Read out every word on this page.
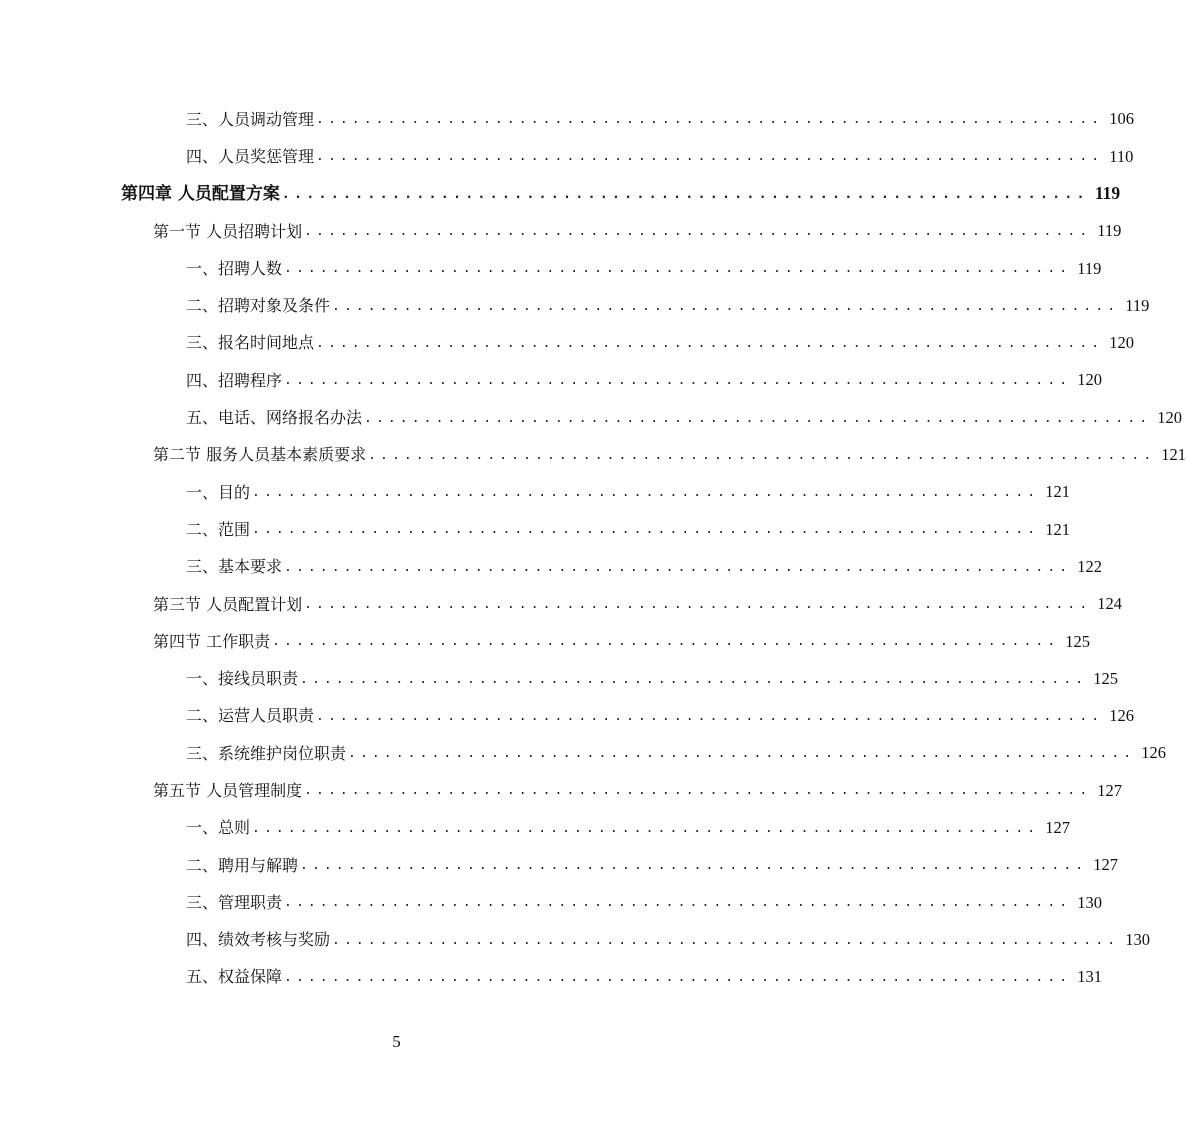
三、人员调动管理 .................................................................. 106
四、人员奖惩管理 .................................................................. 110
第四章 人员配置方案 .................................................................. 119
第一节 人员招聘计划 .................................................................. 119
一、招聘人数 .................................................................. 119
二、招聘对象及条件 .................................................................. 119
三、报名时间地点 .................................................................. 120
四、招聘程序 .................................................................. 120
五、电话、网络报名办法 .................................................................. 120
第二节 服务人员基本素质要求 .................................................................. 121
一、目的 .................................................................. 121
二、范围 .................................................................. 121
三、基本要求 .................................................................. 122
第三节 人员配置计划 .................................................................. 124
第四节 工作职责 .................................................................. 125
一、接线员职责 .................................................................. 125
二、运营人员职责 .................................................................. 126
三、系统维护岗位职责 .................................................................. 126
第五节 人员管理制度 .................................................................. 127
一、总则 .................................................................. 127
二、聘用与解聘 .................................................................. 127
三、管理职责 .................................................................. 130
四、绩效考核与奖励 .................................................................. 130
五、权益保障 .................................................................. 131
5
